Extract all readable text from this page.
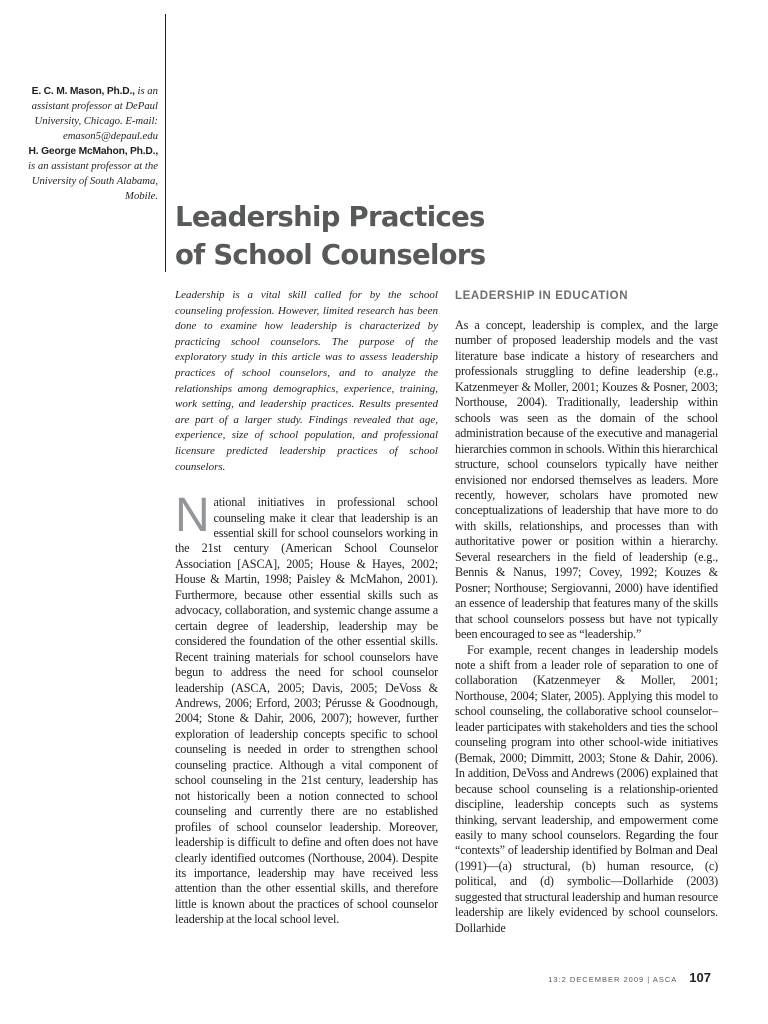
E. C. M. Mason, Ph.D., is an assistant professor at DePaul University, Chicago. E-mail: emason5@depaul.edu
H. George McMahon, Ph.D., is an assistant professor at the University of South Alabama, Mobile.
Leadership Practices
of School Counselors

Leadership is a vital skill called for by the school counseling profession. However, limited research has been done to examine how leadership is characterized by practicing school counselors. The purpose of the exploratory study in this article was to assess leadership practices of school counselors, and to analyze the relationships among demographics, experience, training, work setting, and leadership practices. Results presented are part of a larger study. Findings revealed that age, experience, size of school population, and professional licensure predicted leadership practices of school counselors.

National initiatives in professional school counseling make it clear that leadership is an essential skill for school counselors working in the 21st century (American School Counselor Association [ASCA], 2005; House & Hayes, 2002; House & Martin, 1998; Paisley & McMahon, 2001). Furthermore, because other essential skills such as advocacy, collaboration, and systemic change assume a certain degree of leadership, leadership may be considered the foundation of the other essential skills. Recent training materials for school counselors have begun to address the need for school counselor leadership (ASCA, 2005; Davis, 2005; DeVoss & Andrews, 2006; Erford, 2003; Pérusse & Goodnough, 2004; Stone & Dahir, 2006, 2007); however, further exploration of leadership concepts specific to school counseling is needed in order to strengthen school counseling practice. Although a vital component of school counseling in the 21st century, leadership has not historically been a notion connected to school counseling and currently there are no established profiles of school counselor leadership. Moreover, leadership is difficult to define and often does not have clearly identified outcomes (Northouse, 2004). Despite its importance, leadership may have received less attention than the other essential skills, and therefore little is known about the practices of school counselor leadership at the local school level.

LEADERSHIP IN EDUCATION

As a concept, leadership is complex, and the large number of proposed leadership models and the vast literature base indicate a history of researchers and professionals struggling to define leadership (e.g., Katzenmeyer & Moller, 2001; Kouzes & Posner, 2003; Northouse, 2004). Traditionally, leadership within schools was seen as the domain of the school administration because of the executive and managerial hierarchies common in schools. Within this hierarchical structure, school counselors typically have neither envisioned nor endorsed themselves as leaders. More recently, however, scholars have promoted new conceptualizations of leadership that have more to do with skills, relationships, and processes than with authoritative power or position within a hierarchy. Several researchers in the field of leadership (e.g., Bennis & Nanus, 1997; Covey, 1992; Kouzes & Posner; Northouse; Sergiovanni, 2000) have identified an essence of leadership that features many of the skills that school counselors possess but have not typically been encouraged to see as “leadership.”

For example, recent changes in leadership models note a shift from a leader role of separation to one of collaboration (Katzenmeyer & Moller, 2001; Northouse, 2004; Slater, 2005). Applying this model to school counseling, the collaborative school counselor–leader participates with stakeholders and ties the school counseling program into other school-wide initiatives (Bemak, 2000; Dimmitt, 2003; Stone & Dahir, 2006). In addition, DeVoss and Andrews (2006) explained that because school counseling is a relationship-oriented discipline, leadership concepts such as systems thinking, servant leadership, and empowerment come easily to many school counselors. Regarding the four “contexts” of leadership identified by Bolman and Deal (1991)—(a) structural, (b) human resource, (c) political, and (d) symbolic—Dollarhide (2003) suggested that structural leadership and human resource leadership are likely evidenced by school counselors. Dollarhide

13:2 DECEMBER 2009 | ASCA 107
